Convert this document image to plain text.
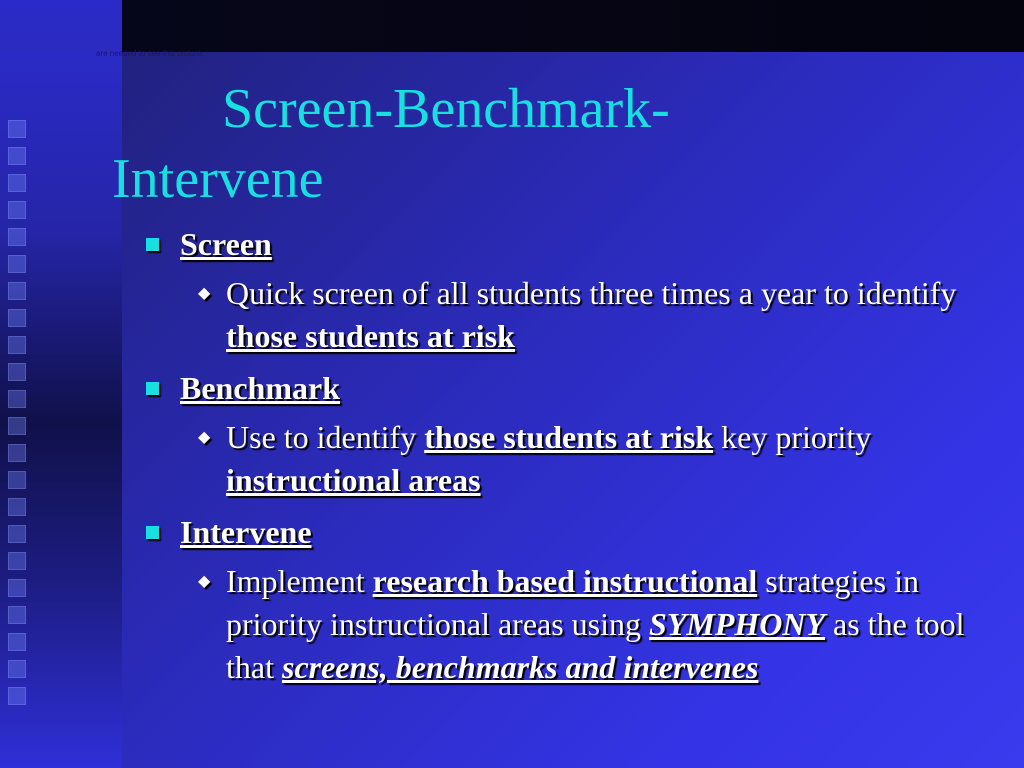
are needed to see this picture.
Screen-Benchmark-
Intervene
Screen
◆ Quick screen of all students three times a year to identify those students at risk
Benchmark
◆ Use to identify those students at risk key priority instructional areas
Intervene
◆ Implement research based instructional strategies in priority instructional areas using SYMPHONY as the tool that screens, benchmarks and intervenes
